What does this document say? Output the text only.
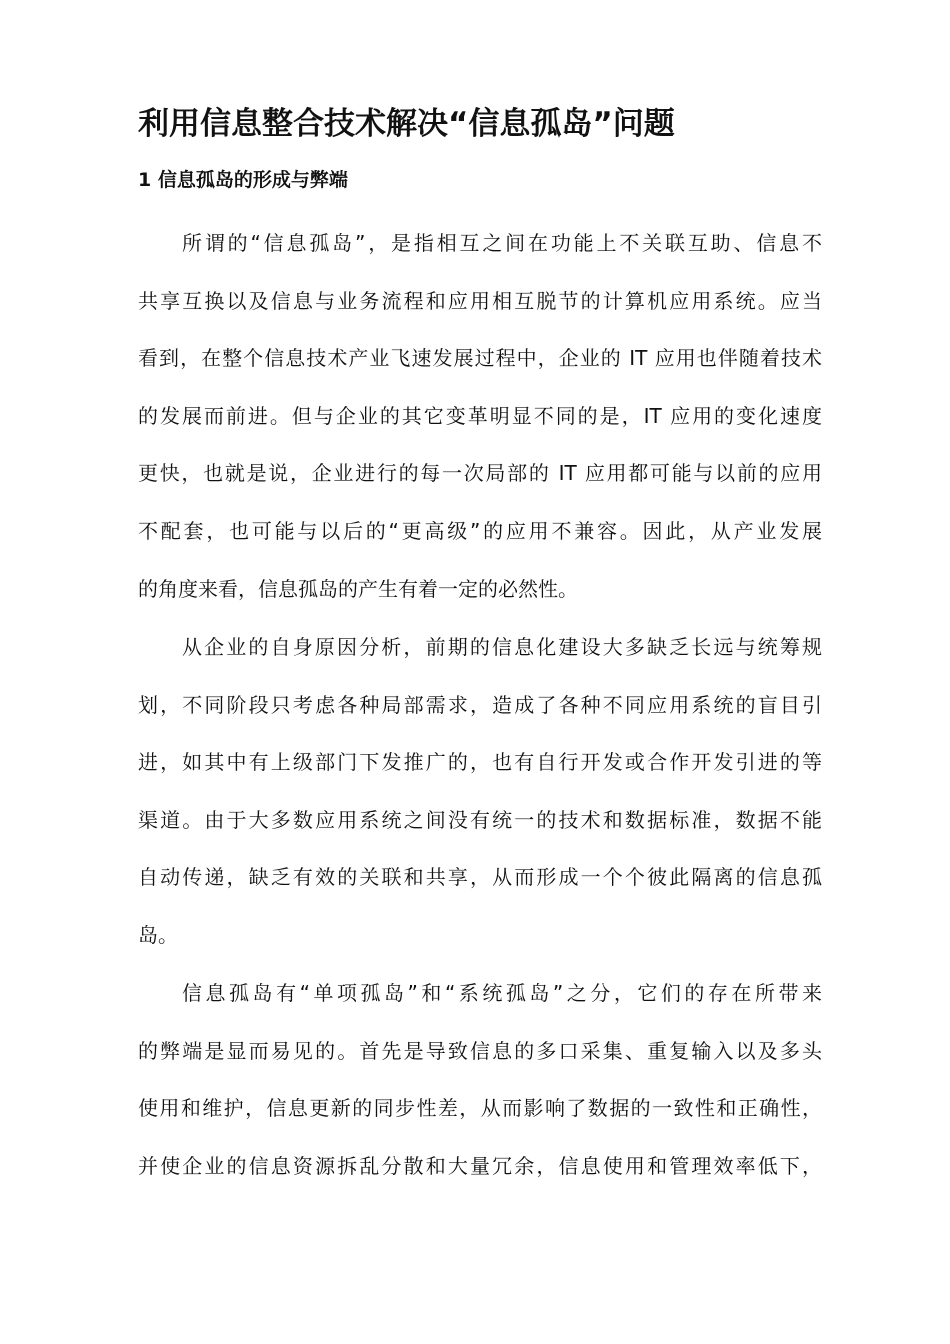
利用信息整合技术解决“信息孤岛”问题
1 信息孤岛的形成与弊端
所谓的“信息孤岛”，是指相互之间在功能上不关联互助、信息不
共享互换以及信息与业务流程和应用相互脱节的计算机应用系统。应当
看到，在整个信息技术产业飞速发展过程中，企业的 IT 应用也伴随着技术
的发展而前进。但与企业的其它变革明显不同的是，IT 应用的变化速度
更快，也就是说，企业进行的每一次局部的 IT 应用都可能与以前的应用
不配套，也可能与以后的“更高级”的应用不兼容。因此，从产业发展
的角度来看，信息孤岛的产生有着一定的必然性。
从企业的自身原因分析，前期的信息化建设大多缺乏长远与统筹规
划，不同阶段只考虑各种局部需求，造成了各种不同应用系统的盲目引
进，如其中有上级部门下发推广的，也有自行开发或合作开发引进的等
渠道。由于大多数应用系统之间没有统一的技术和数据标准，数据不能
自动传递，缺乏有效的关联和共享，从而形成一个个彼此隔离的信息孤
岛。
信息孤岛有“单项孤岛”和“系统孤岛”之分，它们的存在所带来
的弊端是显而易见的。首先是导致信息的多口采集、重复输入以及多头
使用和维护，信息更新的同步性差，从而影响了数据的一致性和正确性，
并使企业的信息资源拆乱分散和大量冗余，信息使用和管理效率低下，
